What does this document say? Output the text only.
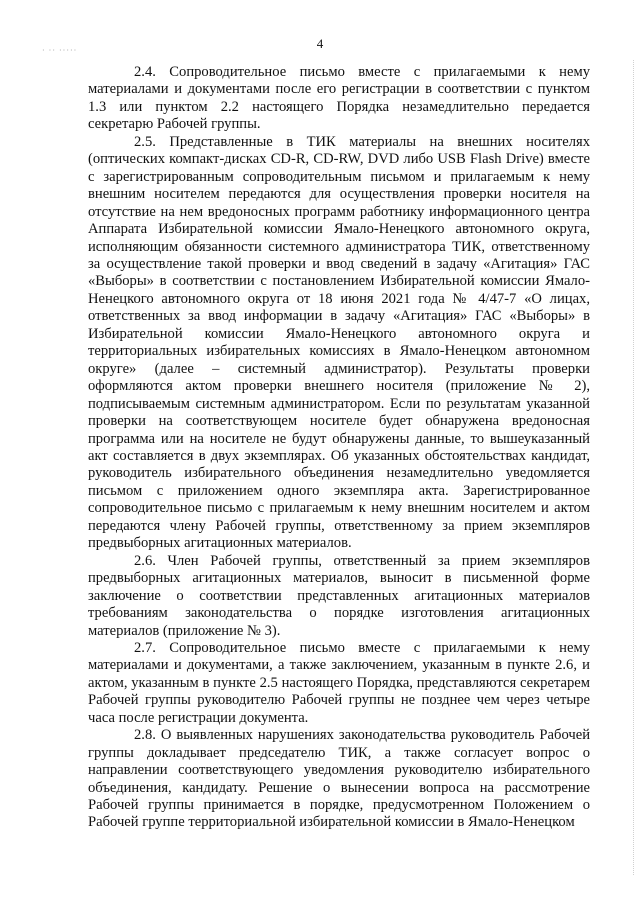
4
· ·· ·····

2.4. Сопроводительное письмо вместе с прилагаемыми к нему материалами и документами после его регистрации в соответствии с пунктом 1.3 или пунктом 2.2 настоящего Порядка незамедлительно передается секретарю Рабочей группы.

2.5. Представленные в ТИК материалы на внешних носителях (оптических компакт-дисках CD-R, CD-RW, DVD либо USB Flash Drive) вместе с зарегистрированным сопроводительным письмом и прилагаемым к нему внешним носителем передаются для осуществления проверки носителя на отсутствие на нем вредоносных программ работнику информационного центра Аппарата Избирательной комиссии Ямало-Ненецкого автономного округа, исполняющим обязанности системного администратора ТИК, ответственному за осуществление такой проверки и ввод сведений в задачу «Агитация» ГАС «Выборы» в соответствии с постановлением Избирательной комиссии Ямало-Ненецкого автономного округа от 18 июня 2021 года № 4/47-7 «О лицах, ответственных за ввод информации в задачу «Агитация» ГАС «Выборы» в Избирательной комиссии Ямало-Ненецкого автономного округа и территориальных избирательных комиссиях в Ямало-Ненецком автономном округе» (далее – системный администратор). Результаты проверки оформляются актом проверки внешнего носителя (приложение № 2), подписываемым системным администратором. Если по результатам указанной проверки на соответствующем носителе будет обнаружена вредоносная программа или на носителе не будут обнаружены данные, то вышеуказанный акт составляется в двух экземплярах. Об указанных обстоятельствах кандидат, руководитель избирательного объединения незамедлительно уведомляется письмом с приложением одного экземпляра акта. Зарегистрированное сопроводительное письмо с прилагаемым к нему внешним носителем и актом передаются члену Рабочей группы, ответственному за прием экземпляров предвыборных агитационных материалов.

2.6. Член Рабочей группы, ответственный за прием экземпляров предвыборных агитационных материалов, выносит в письменной форме заключение о соответствии представленных агитационных материалов требованиям законодательства о порядке изготовления агитационных материалов (приложение № 3).

2.7. Сопроводительное письмо вместе с прилагаемыми к нему материалами и документами, а также заключением, указанным в пункте 2.6, и актом, указанным в пункте 2.5 настоящего Порядка, представляются секретарем Рабочей группы руководителю Рабочей группы не позднее чем через четыре часа после регистрации документа.

2.8. О выявленных нарушениях законодательства руководитель Рабочей группы докладывает председателю ТИК, а также согласует вопрос о направлении соответствующего уведомления руководителю избирательного объединения, кандидату. Решение о вынесении вопроса на рассмотрение Рабочей группы принимается в порядке, предусмотренном Положением о Рабочей группе территориальной избирательной комиссии в Ямало-Ненецком
